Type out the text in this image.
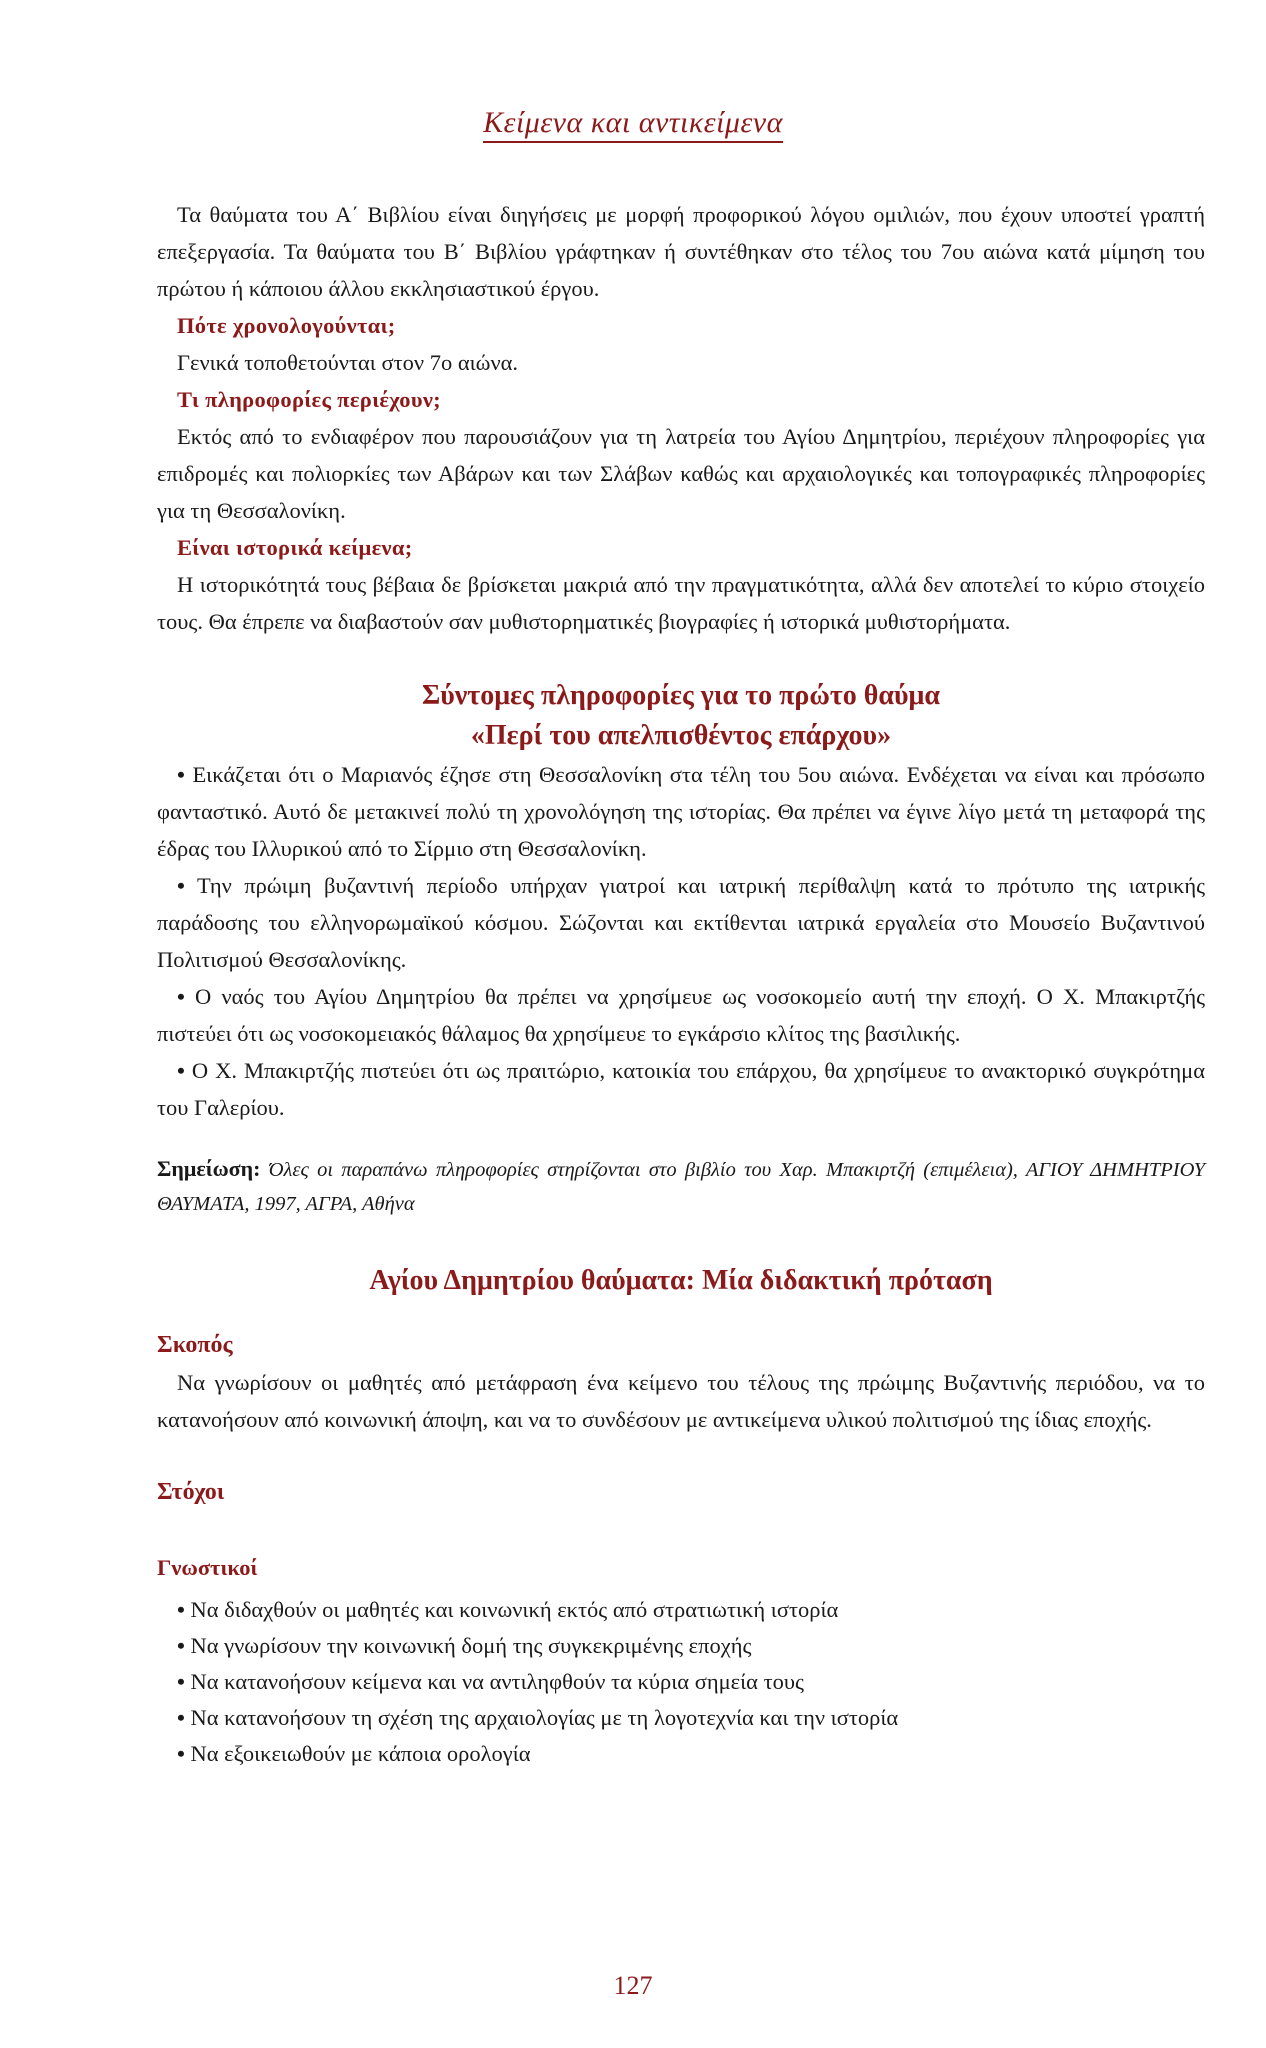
Κείμενα και αντικείμενα

Τα θαύματα του Α΄ Βιβλίου είναι διηγήσεις με μορφή προφορικού λόγου ομιλιών, που έχουν υποστεί γραπτή επεξεργασία. Τα θαύματα του Β΄ Βιβλίου γράφτηκαν ή συντέθηκαν στο τέλος του 7ου αιώνα κατά μίμηση του πρώτου ή κάποιου άλλου εκκλησιαστικού έργου.

Πότε χρονολογούνται;

Γενικά τοποθετούνται στον 7ο αιώνα.

Τι πληροφορίες περιέχουν;

Εκτός από το ενδιαφέρον που παρουσιάζουν για τη λατρεία του Αγίου Δημητρίου, περιέχουν πληροφορίες για επιδρομές και πολιορκίες των Αβάρων και των Σλάβων καθώς και αρχαιολογικές και τοπογραφικές πληροφορίες για τη Θεσσαλονίκη.

Είναι ιστορικά κείμενα;

Η ιστορικότητά τους βέβαια δε βρίσκεται μακριά από την πραγματικότητα, αλλά δεν αποτελεί το κύριο στοιχείο τους. Θα έπρεπε να διαβαστούν σαν μυθιστορηματικές βιογραφίες ή ιστορικά μυθιστορήματα.

Σύντομες πληροφορίες για το πρώτο θαύμα
«Περί του απελπισθέντος επάρχου»

• Εικάζεται ότι ο Μαριανός έζησε στη Θεσσαλονίκη στα τέλη του 5ου αιώνα. Ενδέχεται να είναι και πρόσωπο φανταστικό. Αυτό δε μετακινεί πολύ τη χρονολόγηση της ιστορίας. Θα πρέπει να έγινε λίγο μετά τη μεταφορά της έδρας του Ιλλυρικού από το Σίρμιο στη Θεσσαλονίκη.

• Την πρώιμη βυζαντινή περίοδο υπήρχαν γιατροί και ιατρική περίθαλψη κατά το πρότυπο της ιατρικής παράδοσης του ελληνορωμαϊκού κόσμου. Σώζονται και εκτίθενται ιατρικά εργαλεία στο Μουσείο Βυζαντινού Πολιτισμού Θεσσαλονίκης.

• Ο ναός του Αγίου Δημητρίου θα πρέπει να χρησίμευε ως νοσοκομείο αυτή την εποχή. Ο Χ. Μπακιρτζής πιστεύει ότι ως νοσοκομειακός θάλαμος θα χρησίμευε το εγκάρσιο κλίτος της βασιλικής.

• Ο Χ. Μπακιρτζής πιστεύει ότι ως πραιτώριο, κατοικία του επάρχου, θα χρησίμευε το ανακτορικό συγκρότημα του Γαλερίου.

Σημείωση: Όλες οι παραπάνω πληροφορίες στηρίζονται στο βιβλίο του Χαρ. Μπακιρτζή (επιμέλεια), ΑΓΙΟΥ ΔΗΜΗΤΡΙΟΥ ΘΑΥΜΑΤΑ, 1997, ΑΓΡΑ, Αθήνα

Αγίου Δημητρίου θαύματα: Μία διδακτική πρόταση
Σκοπός

Να γνωρίσουν οι μαθητές από μετάφραση ένα κείμενο του τέλους της πρώιμης Βυζαντινής περιόδου, να το κατανοήσουν από κοινωνική άποψη, και να το συνδέσουν με αντικείμενα υλικού πολιτισμού της ίδιας εποχής.

Στόχοι
Γνωστικοί
• Να διδαχθούν οι μαθητές και κοινωνική εκτός από στρατιωτική ιστορία
• Να γνωρίσουν την κοινωνική δομή της συγκεκριμένης εποχής
• Να κατανοήσουν κείμενα και να αντιληφθούν τα κύρια σημεία τους
• Να κατανοήσουν τη σχέση της αρχαιολογίας με τη λογοτεχνία και την ιστορία
• Να εξοικειωθούν με κάποια ορολογία
127
